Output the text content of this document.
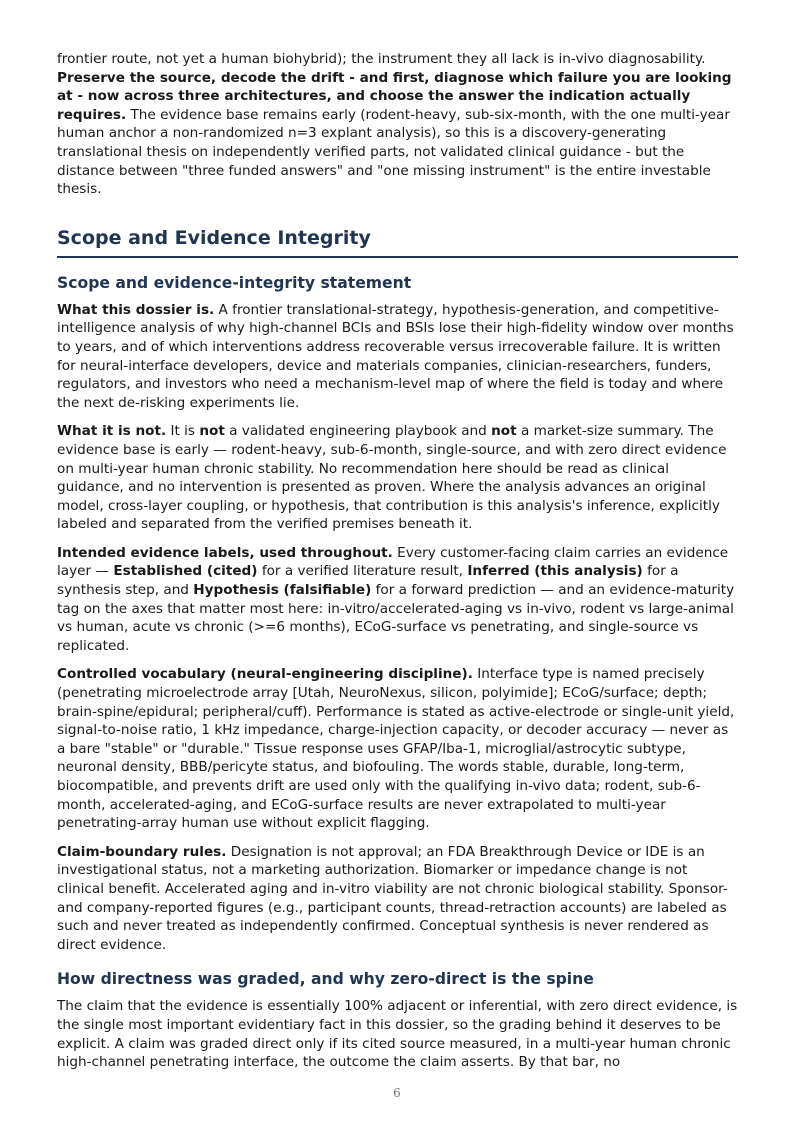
frontier route, not yet a human biohybrid); the instrument they all lack is in-vivo diagnosability. Preserve the source, decode the drift - and first, diagnose which failure you are looking at - now across three architectures, and choose the answer the indication actually requires. The evidence base remains early (rodent-heavy, sub-six-month, with the one multi-year human anchor a non-randomized n=3 explant analysis), so this is a discovery-generating translational thesis on independently verified parts, not validated clinical guidance - but the distance between "three funded answers" and "one missing instrument" is the entire investable thesis.

Scope and Evidence Integrity
Scope and evidence-integrity statement

What this dossier is. A frontier translational-strategy, hypothesis-generation, and competitive-intelligence analysis of why high-channel BCIs and BSIs lose their high-fidelity window over months to years, and of which interventions address recoverable versus irrecoverable failure. It is written for neural-interface developers, device and materials companies, clinician-researchers, funders, regulators, and investors who need a mechanism-level map of where the field is today and where the next de-risking experiments lie.

What it is not. It is not a validated engineering playbook and not a market-size summary. The evidence base is early — rodent-heavy, sub-6-month, single-source, and with zero direct evidence on multi-year human chronic stability. No recommendation here should be read as clinical guidance, and no intervention is presented as proven. Where the analysis advances an original model, cross-layer coupling, or hypothesis, that contribution is this analysis's inference, explicitly labeled and separated from the verified premises beneath it.

Intended evidence labels, used throughout. Every customer-facing claim carries an evidence layer — Established (cited) for a verified literature result, Inferred (this analysis) for a synthesis step, and Hypothesis (falsifiable) for a forward prediction — and an evidence-maturity tag on the axes that matter most here: in-vitro/accelerated-aging vs in-vivo, rodent vs large-animal vs human, acute vs chronic (>=6 months), ECoG-surface vs penetrating, and single-source vs replicated.

Controlled vocabulary (neural-engineering discipline). Interface type is named precisely (penetrating microelectrode array [Utah, NeuroNexus, silicon, polyimide]; ECoG/surface; depth; brain-spine/epidural; peripheral/cuff). Performance is stated as active-electrode or single-unit yield, signal-to-noise ratio, 1 kHz impedance, charge-injection capacity, or decoder accuracy — never as a bare "stable" or "durable." Tissue response uses GFAP/Iba-1, microglial/astrocytic subtype, neuronal density, BBB/pericyte status, and biofouling. The words stable, durable, long-term, biocompatible, and prevents drift are used only with the qualifying in-vivo data; rodent, sub-6-month, accelerated-aging, and ECoG-surface results are never extrapolated to multi-year penetrating-array human use without explicit flagging.

Claim-boundary rules. Designation is not approval; an FDA Breakthrough Device or IDE is an investigational status, not a marketing authorization. Biomarker or impedance change is not clinical benefit. Accelerated aging and in-vitro viability are not chronic biological stability. Sponsor- and company-reported figures (e.g., participant counts, thread-retraction accounts) are labeled as such and never treated as independently confirmed. Conceptual synthesis is never rendered as direct evidence.

How directness was graded, and why zero-direct is the spine

The claim that the evidence is essentially 100% adjacent or inferential, with zero direct evidence, is the single most important evidentiary fact in this dossier, so the grading behind it deserves to be explicit. A claim was graded direct only if its cited source measured, in a multi-year human chronic high-channel penetrating interface, the outcome the claim asserts. By that bar, no

6
